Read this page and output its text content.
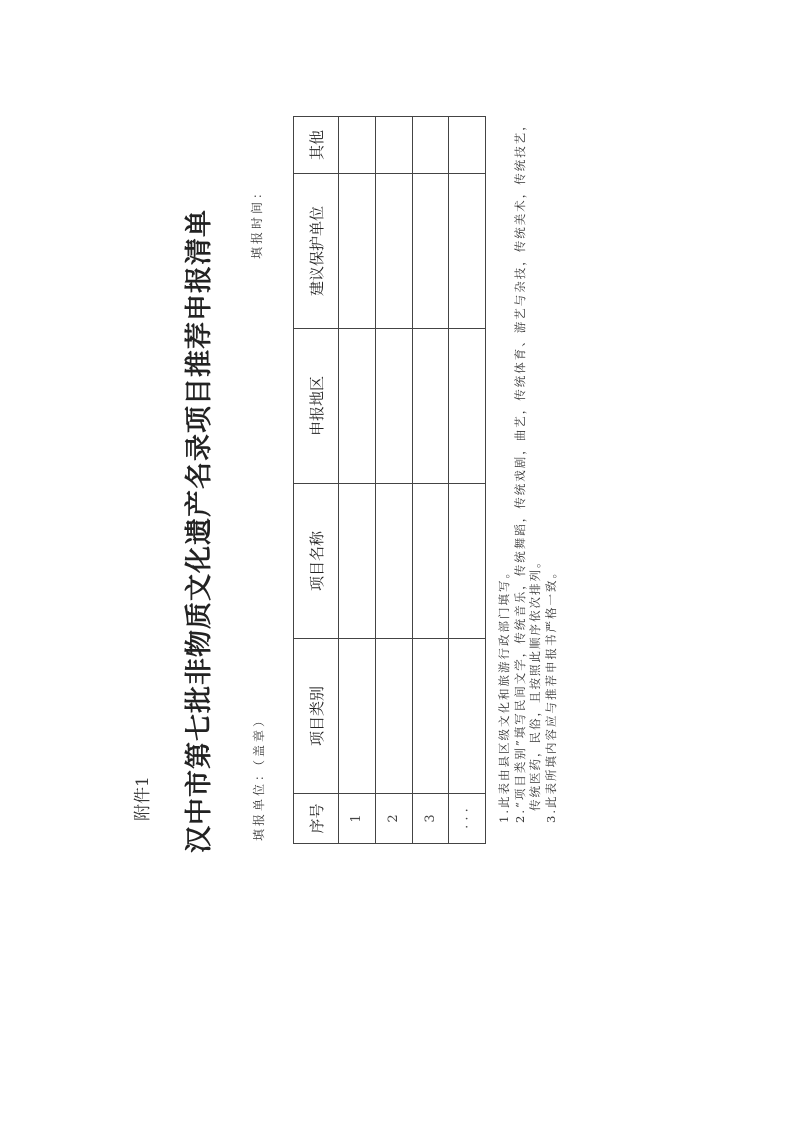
附件1 汉中市第七批非物质文化遗产名录项目推荐申报清单	填报单位：（盖章）
填报时间：
序号	项目类别	项目名称	申报地区	建议保护单位	其他
1					
2					
3					
· · ·					1.此表由县区级文化和旅游行政部门填写。 2.“项目类别”填写民间文学，传统音乐，传统舞蹈，传统戏剧，曲艺，传统体育、游艺与杂技，传统美术，传统技艺， 传统医药，民俗，且按照此顺序依次排列。 3.此表所填内容应与推荐申报书严格一致。
